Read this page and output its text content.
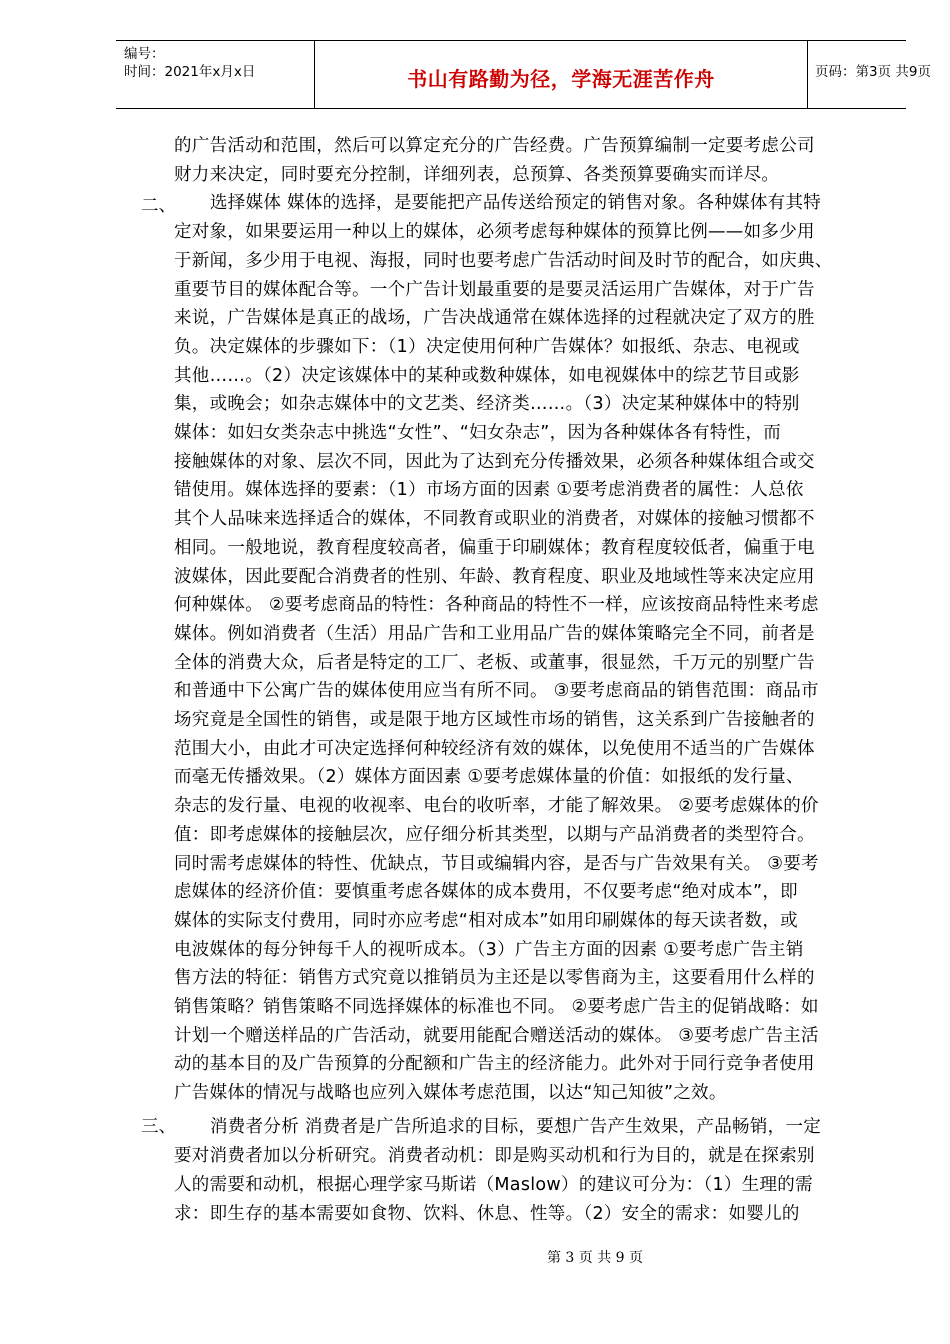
编号：
时间：2021年x月x日	书山有路勤为径，学海无涯苦作舟	页码：第3页 共9页
二、
三、
的广告活动和范围，然后可以算定充分的广告经费。广告预算编制一定要考虑公司
财力来决定，同时要充分控制，详细列表，总预算、各类预算要确实而详尽。
选择媒体 媒体的选择，是要能把产品传送给预定的销售对象。各种媒体有其特
定对象，如果要运用一种以上的媒体，必须考虑每种媒体的预算比例——如多少用
于新闻，多少用于电视、海报，同时也要考虑广告活动时间及时节的配合，如庆典、
重要节目的媒体配合等。一个广告计划最重要的是要灵活运用广告媒体，对于广告
来说，广告媒体是真正的战场，广告决战通常在媒体选择的过程就决定了双方的胜
负。决定媒体的步骤如下：（1）决定使用何种广告媒体？如报纸、杂志、电视或
其他……。（2）决定该媒体中的某种或数种媒体，如电视媒体中的综艺节目或影
集，或晚会；如杂志媒体中的文艺类、经济类……。（3）决定某种媒体中的特别
媒体：如妇女类杂志中挑选“女性”、“妇女杂志”，因为各种媒体各有特性，而
接触媒体的对象、层次不同，因此为了达到充分传播效果，必须各种媒体组合或交
错使用。媒体选择的要素：（1）市场方面的因素 ①要考虑消费者的属性：人总依
其个人品味来选择适合的媒体，不同教育或职业的消费者，对媒体的接触习惯都不
相同。一般地说，教育程度较高者，偏重于印刷媒体；教育程度较低者，偏重于电
波媒体，因此要配合消费者的性别、年龄、教育程度、职业及地域性等来决定应用
何种媒体。 ②要考虑商品的特性：各种商品的特性不一样，应该按商品特性来考虑
媒体。例如消费者（生活）用品广告和工业用品广告的媒体策略完全不同，前者是
全体的消费大众，后者是特定的工厂、老板、或董事，很显然，千万元的别墅广告
和普通中下公寓广告的媒体使用应当有所不同。 ③要考虑商品的销售范围：商品市
场究竟是全国性的销售，或是限于地方区域性市场的销售，这关系到广告接触者的
范围大小，由此才可决定选择何种较经济有效的媒体，以免使用不适当的广告媒体
而毫无传播效果。（2）媒体方面因素 ①要考虑媒体量的价值：如报纸的发行量、
杂志的发行量、电视的收视率、电台的收听率，才能了解效果。 ②要考虑媒体的价
值：即考虑媒体的接触层次，应仔细分析其类型，以期与产品消费者的类型符合。
同时需考虑媒体的特性、优缺点，节目或编辑内容，是否与广告效果有关。 ③要考
虑媒体的经济价值：要慎重考虑各媒体的成本费用，不仅要考虑“绝对成本”，即
媒体的实际支付费用，同时亦应考虑“相对成本”如用印刷媒体的每天读者数，或
电波媒体的每分钟每千人的视听成本。（3）广告主方面的因素 ①要考虑广告主销
售方法的特征：销售方式究竟以推销员为主还是以零售商为主，这要看用什么样的
销售策略？销售策略不同选择媒体的标准也不同。 ②要考虑广告主的促销战略：如
计划一个赠送样品的广告活动，就要用能配合赠送活动的媒体。 ③要考虑广告主活
动的基本目的及广告预算的分配额和广告主的经济能力。此外对于同行竞争者使用
广告媒体的情况与战略也应列入媒体考虑范围，以达“知己知彼”之效。
消费者分析 消费者是广告所追求的目标，要想广告产生效果，产品畅销，一定
要对消费者加以分析研究。消费者动机：即是购买动机和行为目的，就是在探索别
人的需要和动机，根据心理学家马斯诺（Maslow）的建议可分为：（1）生理的需
求：即生存的基本需要如食物、饮料、休息、性等。（2）安全的需求：如婴儿的
第 3 页 共 9 页
